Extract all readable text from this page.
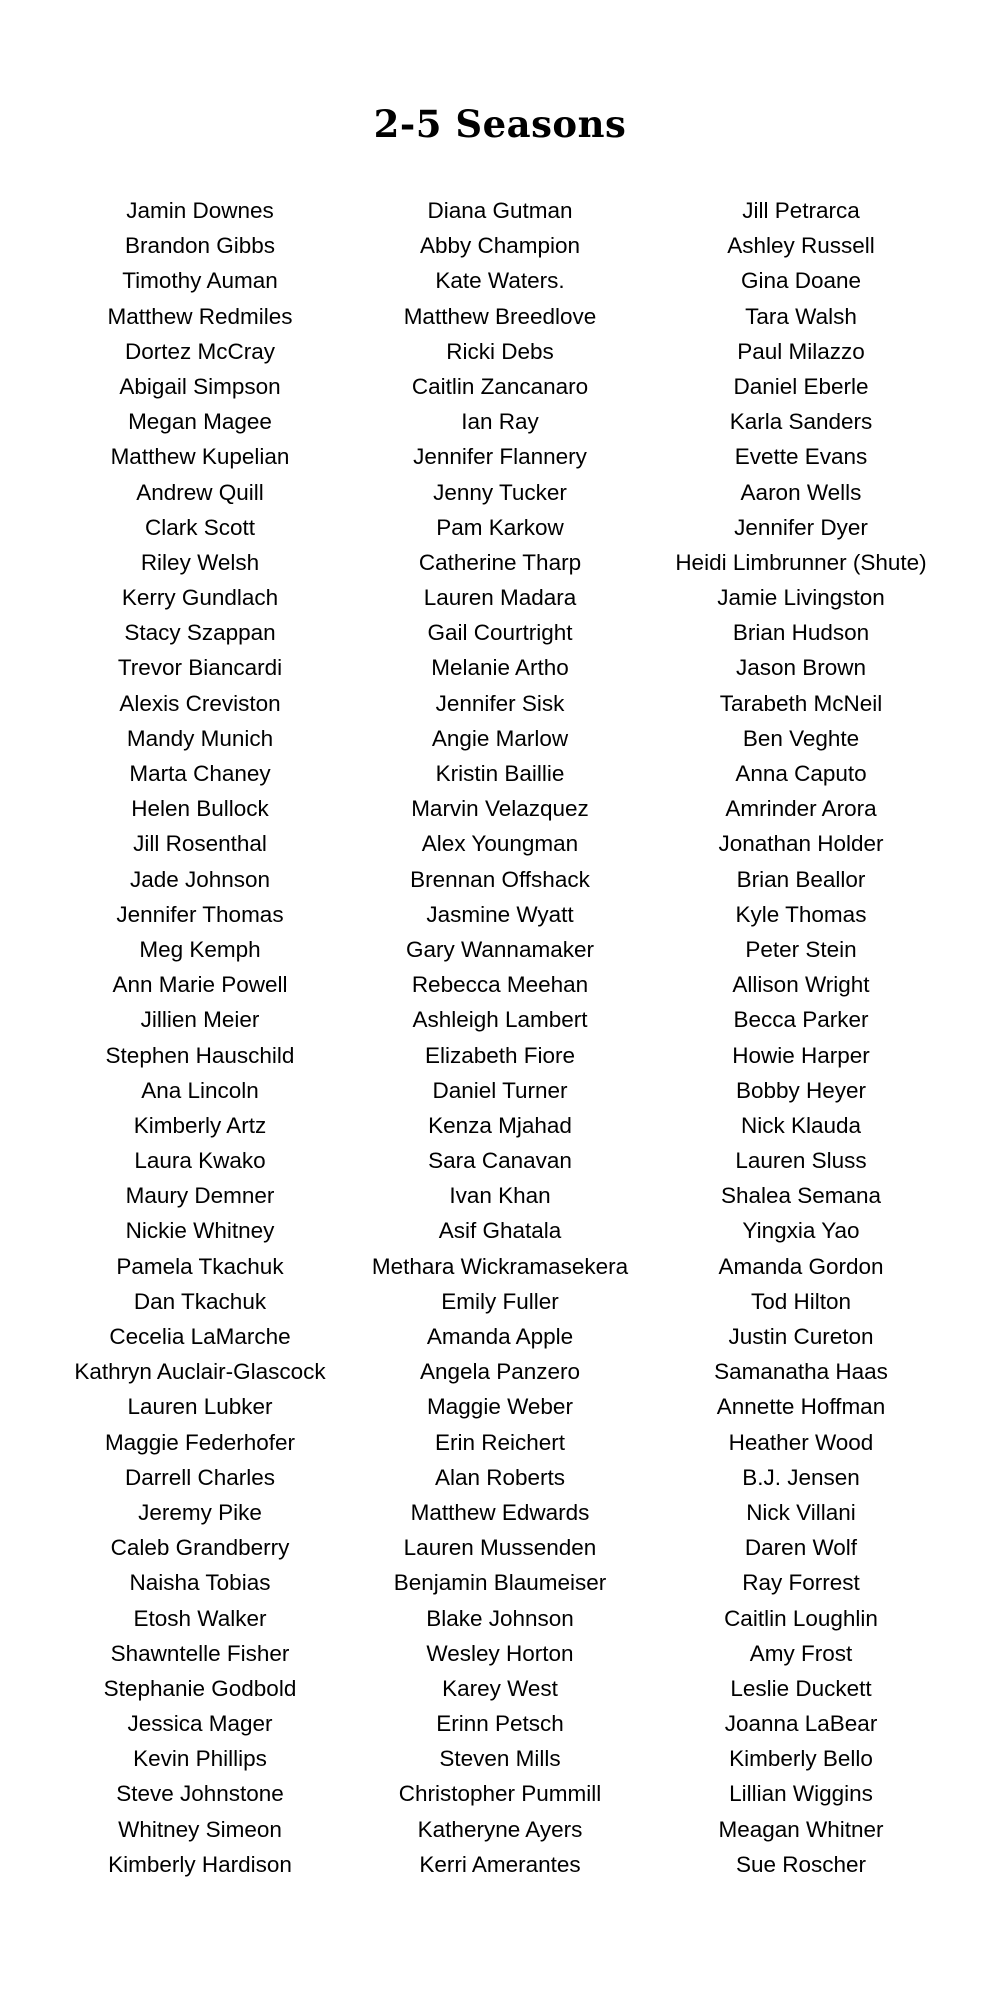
2-5 Seasons
Jamin Downes
Brandon Gibbs
Timothy Auman
Matthew Redmiles
Dortez McCray
Abigail Simpson
Megan Magee
Matthew Kupelian
Andrew Quill
Clark Scott
Riley Welsh
Kerry Gundlach
Stacy Szappan
Trevor Biancardi
Alexis Creviston
Mandy Munich
Marta Chaney
Helen Bullock
Jill Rosenthal
Jade Johnson
Jennifer Thomas
Meg Kemph
Ann Marie Powell
Jillien Meier
Stephen Hauschild
Ana Lincoln
Kimberly Artz
Laura Kwako
Maury Demner
Nickie Whitney
Pamela Tkachuk
Dan Tkachuk
Cecelia LaMarche
Kathryn Auclair-Glascock
Lauren Lubker
Maggie Federhofer
Darrell Charles
Jeremy Pike
Caleb Grandberry
Naisha Tobias
Etosh Walker
Shawntelle Fisher
Stephanie Godbold
Jessica Mager
Kevin Phillips
Steve Johnstone
Whitney Simeon
Kimberly Hardison
Diana Gutman
Abby Champion
Kate Waters.
Matthew Breedlove
Ricki Debs
Caitlin Zancanaro
Ian Ray
Jennifer Flannery
Jenny Tucker
Pam Karkow
Catherine Tharp
Lauren Madara
Gail Courtright
Melanie Artho
Jennifer Sisk
Angie Marlow
Kristin Baillie
Marvin Velazquez
Alex Youngman
Brennan Offshack
Jasmine Wyatt
Gary Wannamaker
Rebecca Meehan
Ashleigh Lambert
Elizabeth Fiore
Daniel Turner
Kenza Mjahad
Sara Canavan
Ivan Khan
Asif Ghatala
Methara Wickramasekera
Emily Fuller
Amanda Apple
Angela Panzero
Maggie Weber
Erin Reichert
Alan Roberts
Matthew Edwards
Lauren Mussenden
Benjamin Blaumeiser
Blake Johnson
Wesley Horton
Karey West
Erinn Petsch
Steven Mills
Christopher Pummill
Katheryne Ayers
Kerri Amerantes
Jill Petrarca
Ashley Russell
Gina Doane
Tara Walsh
Paul Milazzo
Daniel Eberle
Karla Sanders
Evette Evans
Aaron Wells
Jennifer Dyer
Heidi Limbrunner (Shute)
Jamie Livingston
Brian Hudson
Jason Brown
Tarabeth McNeil
Ben Veghte
Anna Caputo
Amrinder Arora
Jonathan Holder
Brian Beallor
Kyle Thomas
Peter Stein
Allison Wright
Becca Parker
Howie Harper
Bobby Heyer
Nick Klauda
Lauren Sluss
Shalea Semana
Yingxia Yao
Amanda Gordon
Tod Hilton
Justin Cureton
Samanatha Haas
Annette Hoffman
Heather Wood
B.J. Jensen
Nick Villani
Daren Wolf
Ray Forrest
Caitlin Loughlin
Amy Frost
Leslie Duckett
Joanna LaBear
Kimberly Bello
Lillian Wiggins
Meagan Whitner
Sue Roscher
